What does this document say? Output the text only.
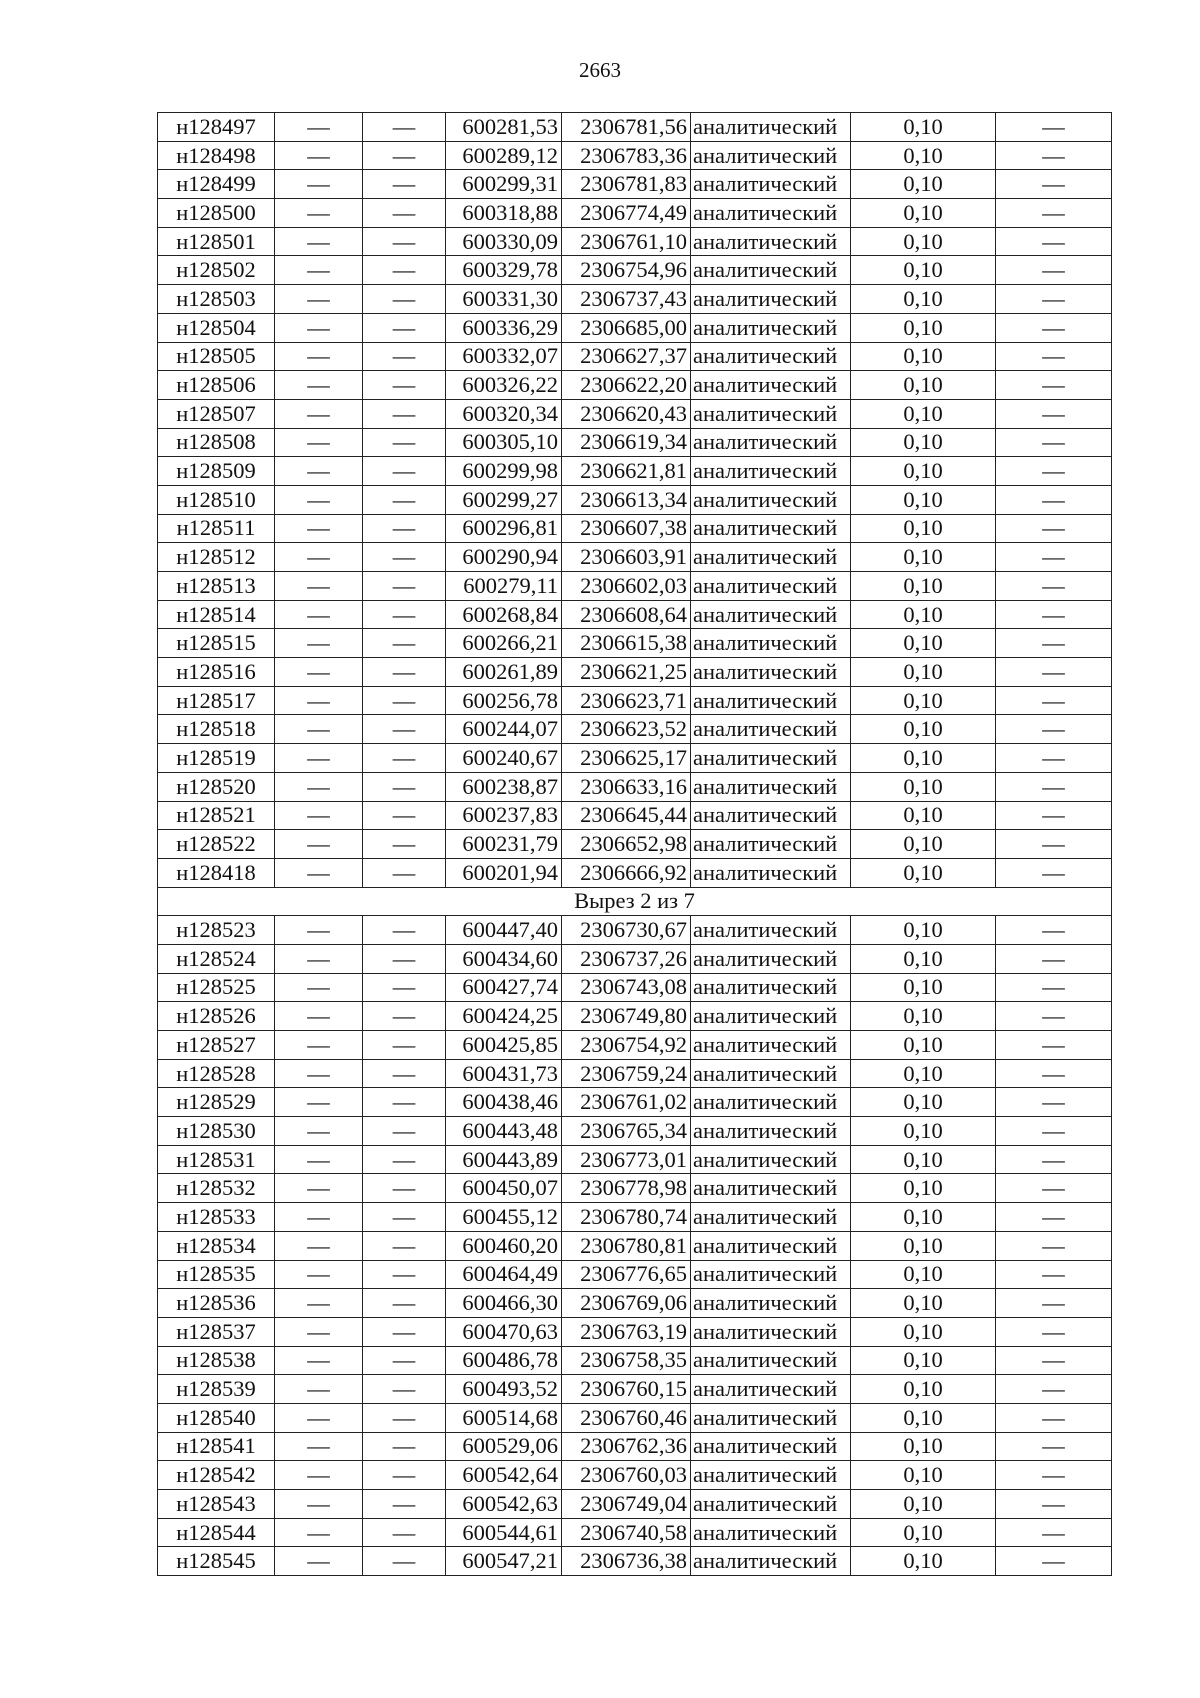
2663
н128497	—	—	600281,53	2306781,56	аналитический	0,10	—
н128498	—	—	600289,12	2306783,36	аналитический	0,10	—
н128499	—	—	600299,31	2306781,83	аналитический	0,10	—
н128500	—	—	600318,88	2306774,49	аналитический	0,10	—
н128501	—	—	600330,09	2306761,10	аналитический	0,10	—
н128502	—	—	600329,78	2306754,96	аналитический	0,10	—
н128503	—	—	600331,30	2306737,43	аналитический	0,10	—
н128504	—	—	600336,29	2306685,00	аналитический	0,10	—
н128505	—	—	600332,07	2306627,37	аналитический	0,10	—
н128506	—	—	600326,22	2306622,20	аналитический	0,10	—
н128507	—	—	600320,34	2306620,43	аналитический	0,10	—
н128508	—	—	600305,10	2306619,34	аналитический	0,10	—
н128509	—	—	600299,98	2306621,81	аналитический	0,10	—
н128510	—	—	600299,27	2306613,34	аналитический	0,10	—
н128511	—	—	600296,81	2306607,38	аналитический	0,10	—
н128512	—	—	600290,94	2306603,91	аналитический	0,10	—
н128513	—	—	600279,11	2306602,03	аналитический	0,10	—
н128514	—	—	600268,84	2306608,64	аналитический	0,10	—
н128515	—	—	600266,21	2306615,38	аналитический	0,10	—
н128516	—	—	600261,89	2306621,25	аналитический	0,10	—
н128517	—	—	600256,78	2306623,71	аналитический	0,10	—
н128518	—	—	600244,07	2306623,52	аналитический	0,10	—
н128519	—	—	600240,67	2306625,17	аналитический	0,10	—
н128520	—	—	600238,87	2306633,16	аналитический	0,10	—
н128521	—	—	600237,83	2306645,44	аналитический	0,10	—
н128522	—	—	600231,79	2306652,98	аналитический	0,10	—
н128418	—	—	600201,94	2306666,92	аналитический	0,10	—
Вырез 2 из 7							
н128523	—	—	600447,40	2306730,67	аналитический	0,10	—
н128524	—	—	600434,60	2306737,26	аналитический	0,10	—
н128525	—	—	600427,74	2306743,08	аналитический	0,10	—
н128526	—	—	600424,25	2306749,80	аналитический	0,10	—
н128527	—	—	600425,85	2306754,92	аналитический	0,10	—
н128528	—	—	600431,73	2306759,24	аналитический	0,10	—
н128529	—	—	600438,46	2306761,02	аналитический	0,10	—
н128530	—	—	600443,48	2306765,34	аналитический	0,10	—
н128531	—	—	600443,89	2306773,01	аналитический	0,10	—
н128532	—	—	600450,07	2306778,98	аналитический	0,10	—
н128533	—	—	600455,12	2306780,74	аналитический	0,10	—
н128534	—	—	600460,20	2306780,81	аналитический	0,10	—
н128535	—	—	600464,49	2306776,65	аналитический	0,10	—
н128536	—	—	600466,30	2306769,06	аналитический	0,10	—
н128537	—	—	600470,63	2306763,19	аналитический	0,10	—
н128538	—	—	600486,78	2306758,35	аналитический	0,10	—
н128539	—	—	600493,52	2306760,15	аналитический	0,10	—
н128540	—	—	600514,68	2306760,46	аналитический	0,10	—
н128541	—	—	600529,06	2306762,36	аналитический	0,10	—
н128542	—	—	600542,64	2306760,03	аналитический	0,10	—
н128543	—	—	600542,63	2306749,04	аналитический	0,10	—
н128544	—	—	600544,61	2306740,58	аналитический	0,10	—
н128545	—	—	600547,21	2306736,38	аналитический	0,10	—
